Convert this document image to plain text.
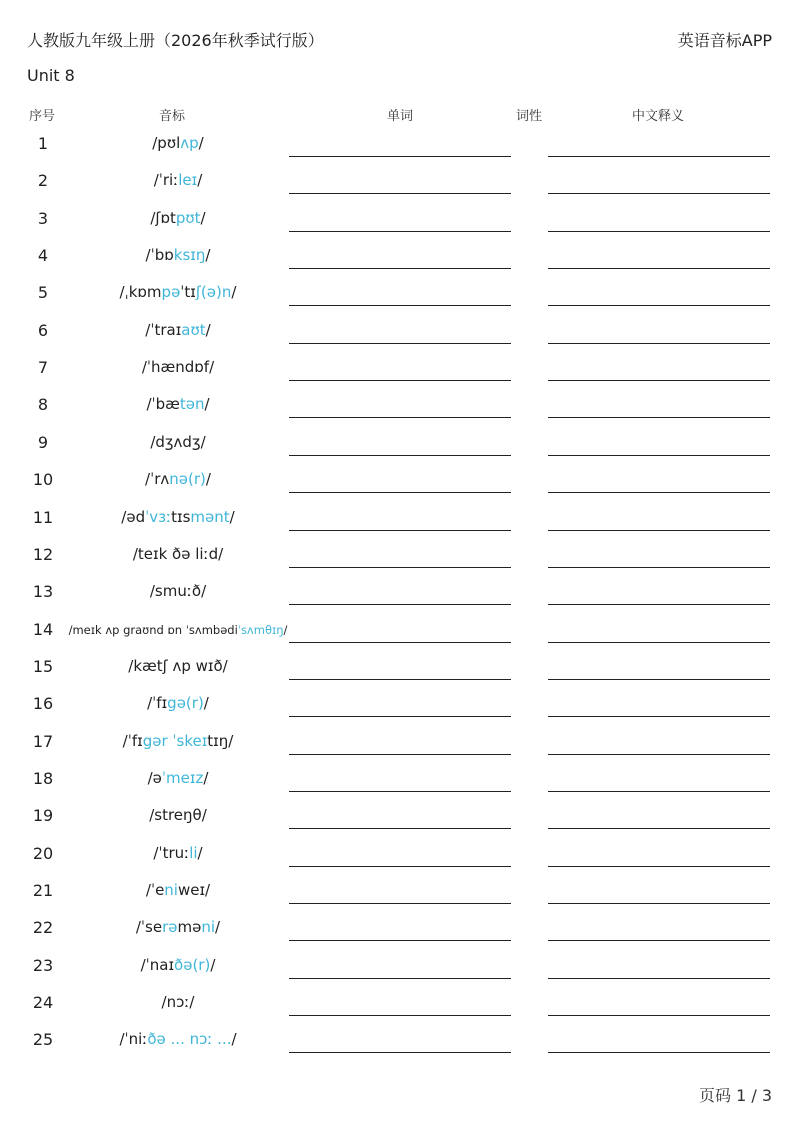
人教版九年级上册（2026年秋季试行版）	英语音标APP
Unit 8
序号	音标	单词	词性	中文释义
1	/pʊlʌp/
2	/ˈriːleɪ/
3	/ʃɒtpʊt/
4	/ˈbɒksɪŋ/
5	/ˌkɒmpəˈtɪʃ(ə)n/
6	/ˈtraɪaʊt/
7	/ˈhændɒf/
8	/ˈbætən/
9	/dʒʌdʒ/
10	/ˈrʌnə(r)/
11	/ədˈvɜːtɪsmənt/
12	/teɪk ðə liːd/
13	/smuːð/
14	/meɪk ʌp graʊnd ɒn ˈsʌmbədiˈsʌmθɪŋ/
15	/kætʃ ʌp wɪð/
16	/ˈfɪgə(r)/
17	/ˈfɪgər ˈskeɪtɪŋ/
18	/əˈmeɪz/
19	/streŋθ/
20	/ˈtruːli/
21	/ˈeniweɪ/
22	/ˈserəməni/
23	/ˈnaɪðə(r)/
24	/nɔː/
25	/ˈniːðə ... nɔː .../
页码 1 / 3
